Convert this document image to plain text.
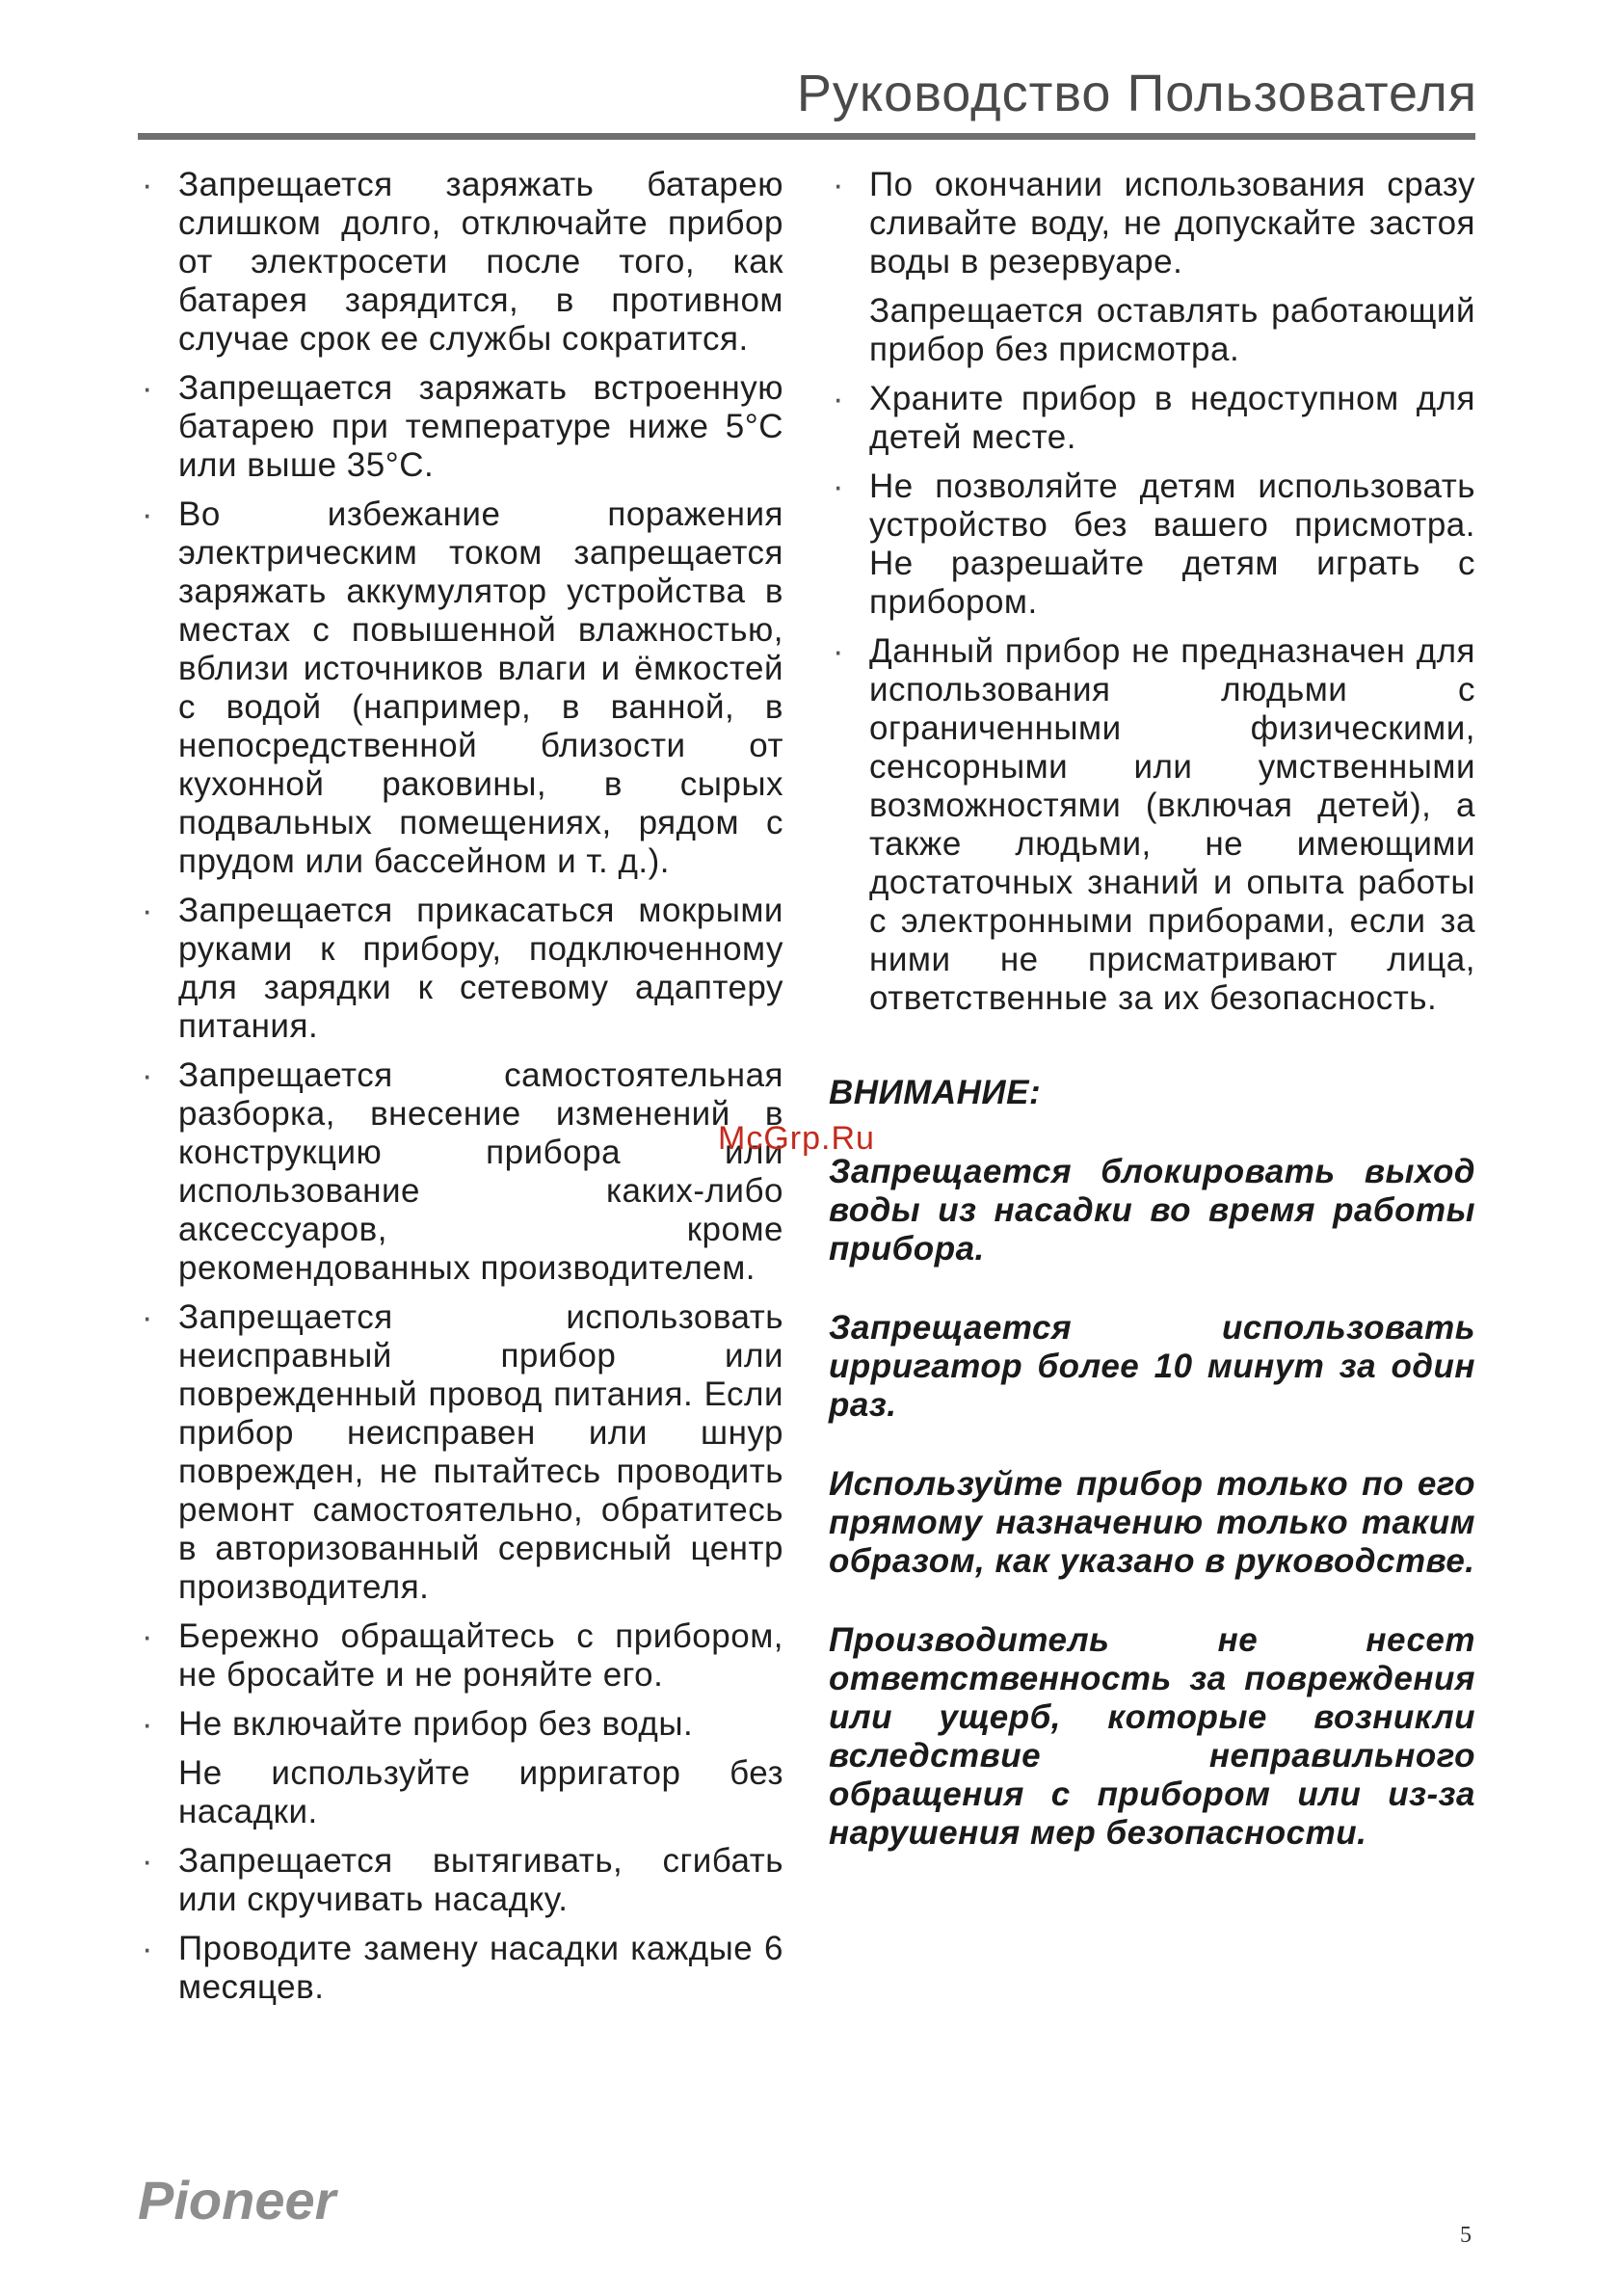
Руководство Пользователя
· Запрещается заряжать батарею слишком долго, отключайте прибор от электросети после того, как батарея зарядится, в противном случае срок ее службы сократится.
· Запрещается заряжать встроенную батарею при температуре ниже 5°С или выше 35°С.
· Во избежание поражения электрическим током запрещается заряжать аккумулятор устройства в местах с повышенной влажностью, вблизи источников влаги и ёмкостей с водой (например, в ванной, в непосредственной близости от кухонной раковины, в сырых подвальных помещениях, рядом с прудом или бассейном и т. д.).
· Запрещается прикасаться мокрыми руками к прибору, подключенному для зарядки к сетевому адаптеру питания.
· Запрещается самостоятельная разборка, внесение изменений в конструкцию прибора или использование каких-либо аксессуаров, кроме рекомендованных производителем.
· Запрещается использовать неисправный прибор или поврежденный провод питания. Если прибор неисправен или шнур поврежден, не пытайтесь проводить ремонт самостоятельно, обратитесь в авторизованный сервисный центр производителя.
· Бережно обращайтесь с прибором, не бросайте и не роняйте его.
· Не включайте прибор без воды.
Не используйте ирригатор без насадки.
· Запрещается вытягивать, сгибать или скручивать насадку.
· Проводите замену насадки каждые 6 месяцев.
· По окончании использования сразу сливайте воду, не допускайте застоя воды в резервуаре.
Запрещается оставлять работающий прибор без присмотра.
· Храните прибор в недоступном для детей месте.
· Не позволяйте детям использовать устройство без вашего присмотра. Не разрешайте детям играть с прибором.
· Данный прибор не предназначен для использования людьми с ограниченными физическими, сенсорными или умственными возможностями (включая детей), а также людьми, не имеющими достаточных знаний и опыта работы с электронными приборами, если за ними не присматривают лица, ответственные за их безопасность.
ВНИМАНИЕ:

Запрещается блокировать выход воды из насадки во время работы прибора.

Запрещается использовать ирригатор более 10 минут за один раз.

Используйте прибор только по его прямому назначению только таким образом, как указано в руководстве.

Производитель не несет ответственность за повреждения или ущерб, которые возникли вследствие неправильного обращения с прибором или из-за нарушения мер безопасности.

McGrp.Ru
Pioneer
5
